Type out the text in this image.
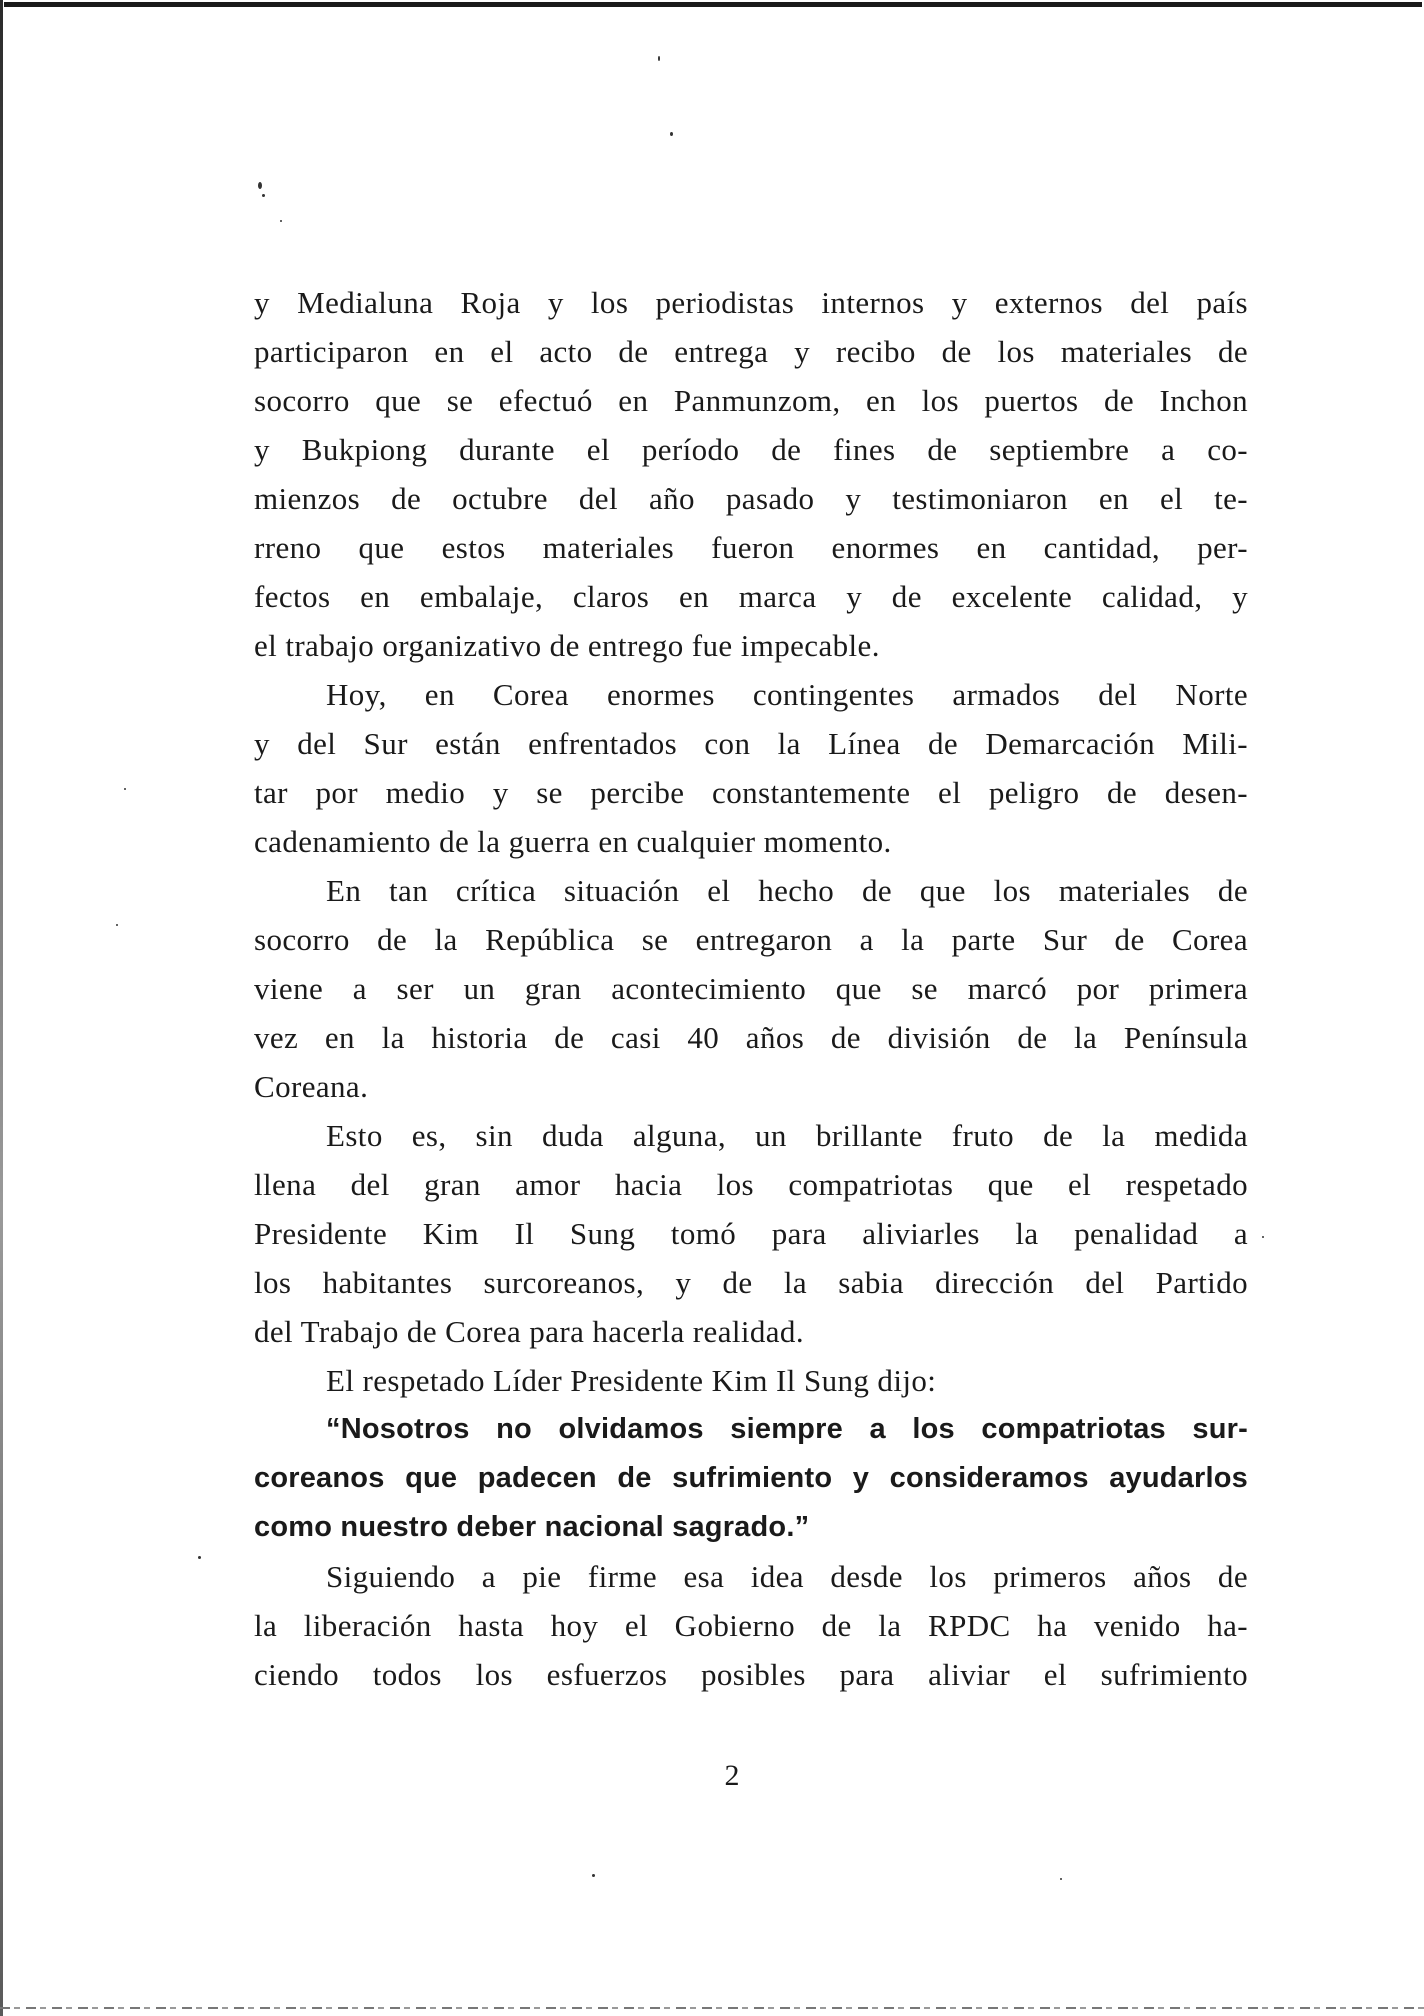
y Medialuna Roja y los periodistas internos y externos del país
participaron en el acto de entrega y recibo de los materiales de
socorro que se efectuó en Panmunzom, en los puertos de Inchon
y Bukpiong durante el período de fines de septiembre a co-
mienzos de octubre del año pasado y testimoniaron en el te-
rreno que estos materiales fueron enormes en cantidad, per-
fectos en embalaje, claros en marca y de excelente calidad, y
el trabajo organizativo de entrego fue impecable.
Hoy, en Corea enormes contingentes armados del Norte
y del Sur están enfrentados con la Línea de Demarcación Mili-
tar por medio y se percibe constantemente el peligro de desen-
cadenamiento de la guerra en cualquier momento.
En tan crítica situación el hecho de que los materiales de
socorro de la República se entregaron a la parte Sur de Corea
viene a ser un gran acontecimiento que se marcó por primera
vez en la historia de casi 40 años de división de la Península
Coreana.
Esto es, sin duda alguna, un brillante fruto de la medida
llena del gran amor hacia los compatriotas que el respetado
Presidente Kim Il Sung tomó para aliviarles la penalidad a
los habitantes surcoreanos, y de la sabia dirección del Partido
del Trabajo de Corea para hacerla realidad.
El respetado Líder Presidente Kim Il Sung dijo:
“Nosotros no olvidamos siempre a los compatriotas sur-
coreanos que padecen de sufrimiento y consideramos ayudarlos
como nuestro deber nacional sagrado.”
Siguiendo a pie firme esa idea desde los primeros años de
la liberación hasta hoy el Gobierno de la RPDC ha venido ha-
ciendo todos los esfuerzos posibles para aliviar el sufrimiento
2
